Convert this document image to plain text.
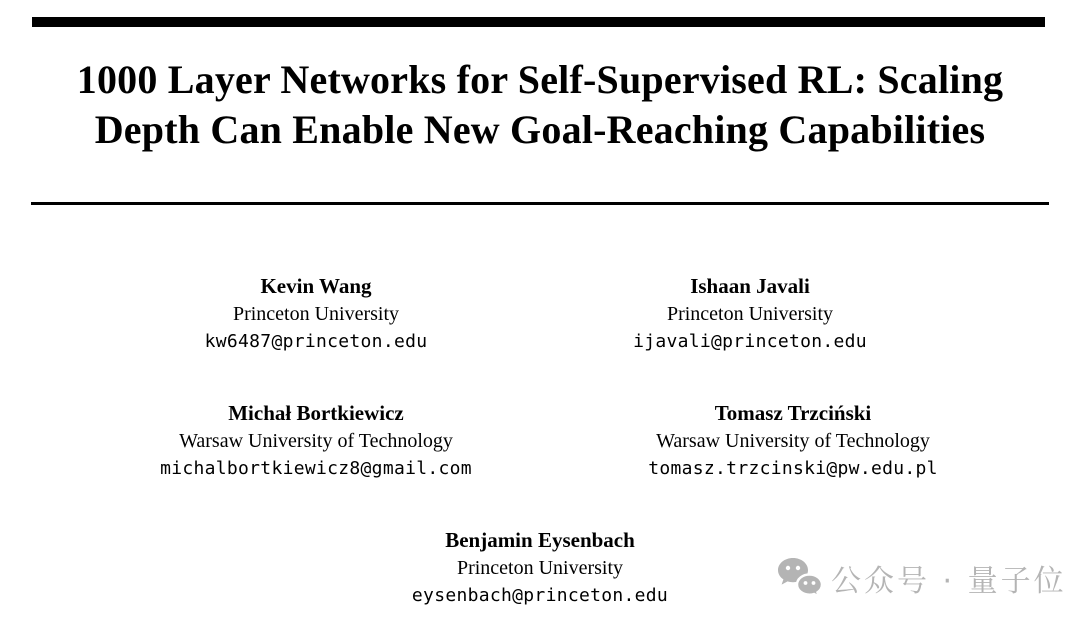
1000 Layer Networks for Self-Supervised RL: Scaling
Depth Can Enable New Goal-Reaching Capabilities
Kevin Wang
Princeton University
kw6487@princeton.edu
Ishaan Javali
Princeton University
ijavali@princeton.edu
Michał Bortkiewicz
Warsaw University of Technology
michalbortkiewicz8@gmail.com
Tomasz Trzciński
Warsaw University of Technology
tomasz.trzcinski@pw.edu.pl
Benjamin Eysenbach
Princeton University
eysenbach@princeton.edu	公众号 · 量子位
